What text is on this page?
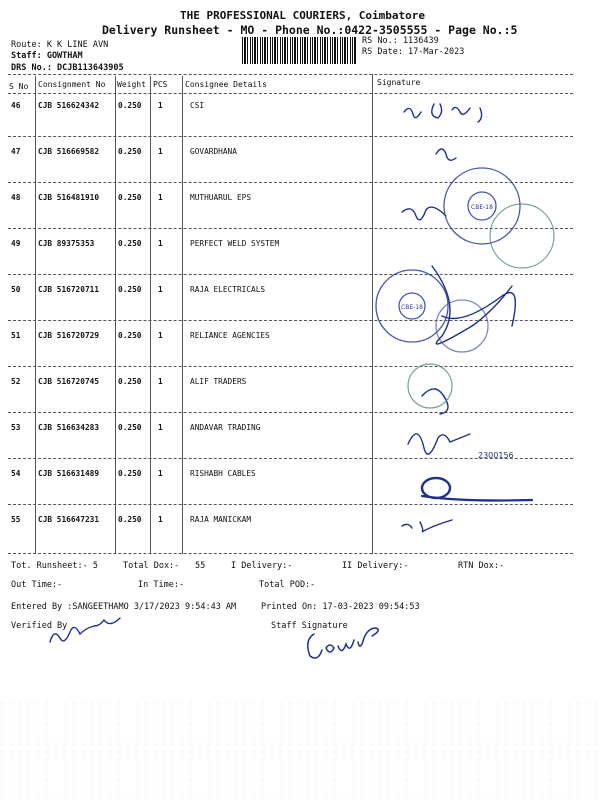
THE PROFESSIONAL COURIERS, Coimbatore
Delivery Runsheet - MO - Phone No.:0422-3505555 - Page No.:5
Route: K K LINE AVN
Staff: GOWTHAM
DRS No.: DCJB113643905
RS No.: 1136439
RS Date: 17-Mar-2023
S No Consignment No Weight PCS Consignee Details	Signature
46 CJB 516624342 0.250 1	CSI
47 CJB 516669582 0.250 1	GOVARDHANA
48 CJB 516481910 0.250 1	MUTHUARUL EPS
49 CJB 89375353	0.250 1	PERFECT WELD SYSTEM
50 CJB 516720711 0.250 1	RAJA ELECTRICALS
51 CJB 516720729 0.250 1	RELIANCE AGENCIES
52 CJB 516720745 0.250 1	ALIF TRADERS
53 CJB 516634283 0.250 1	ANDAVAR TRADING
54 CJB 516631489 0.250 1	RISHABH CABLES
55 CJB 516647231 0.250 1	RAJA MANICKAM
CBE-18
CBE-18
2300156
Tot. Runsheet:- 5	Total Dox:- 55	I Delivery:-	II Delivery:-	RTN Dox:-
Out Time:-	In Time:-	Total POD:-
Entered By :SANGEETHAMO 3/17/2023 9:54:43 AM	Printed On: 17-03-2023 09:54:53
Verified By	Staff Signature
